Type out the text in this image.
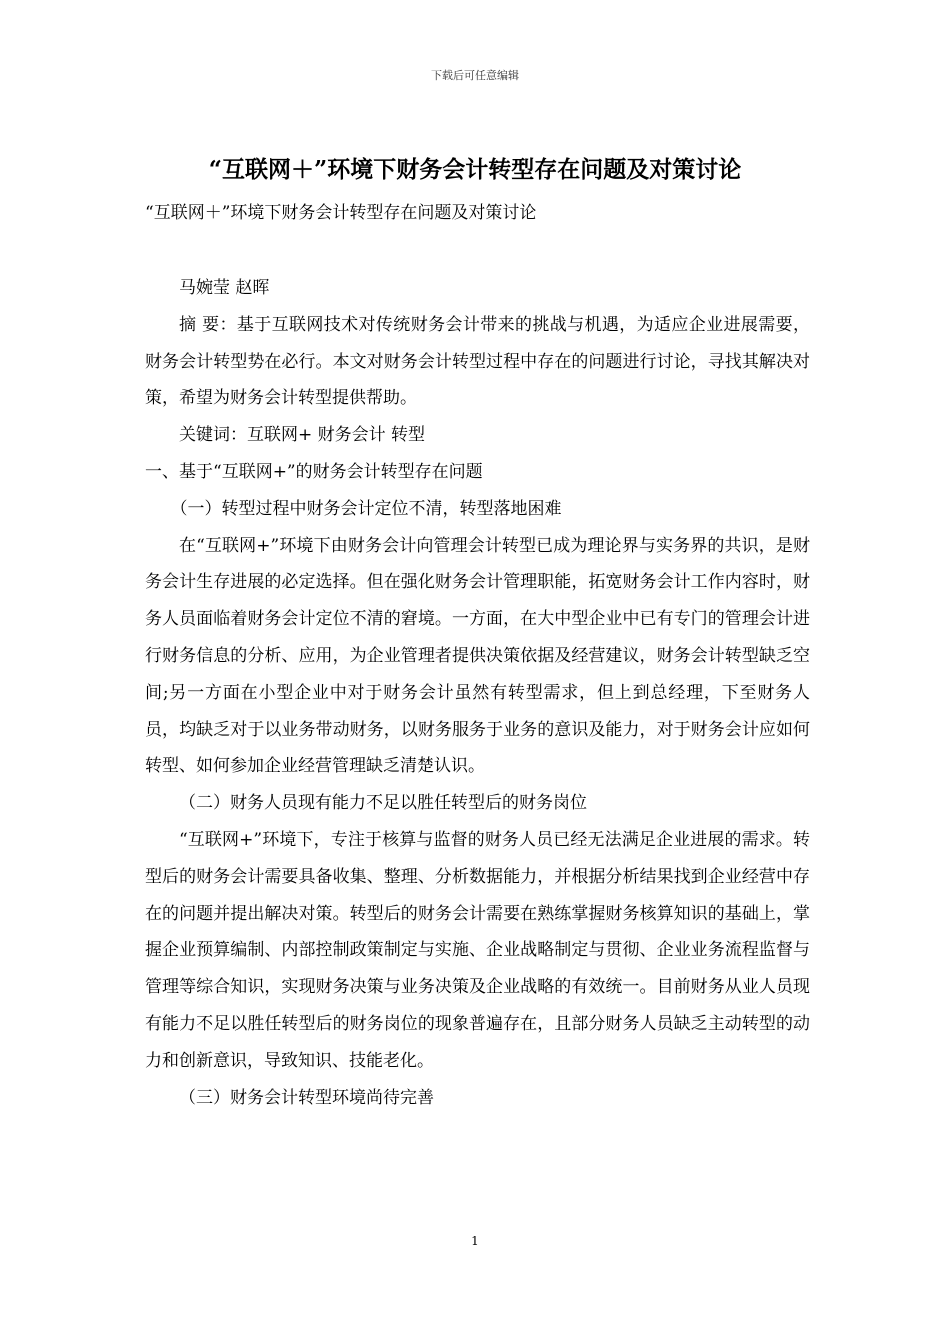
下载后可任意编辑
“互联网＋”环境下财务会计转型存在问题及对策讨论

“互联网＋”环境下财务会计转型存在问题及对策讨论

马婉莹 赵晖

摘 要：基于互联网技术对传统财务会计带来的挑战与机遇，为适应企业进展需要，财务会计转型势在必行。本文对财务会计转型过程中存在的问题进行讨论，寻找其解决对策，希望为财务会计转型提供帮助。

关键词：互联网+ 财务会计 转型

一、基于“互联网+”的财务会计转型存在问题

（一）转型过程中财务会计定位不清，转型落地困难

在“互联网+”环境下由财务会计向管理会计转型已成为理论界与实务界的共识，是财务会计生存进展的必定选择。但在强化财务会计管理职能，拓宽财务会计工作内容时，财务人员面临着财务会计定位不清的窘境。一方面，在大中型企业中已有专门的管理会计进行财务信息的分析、应用，为企业管理者提供决策依据及经营建议，财务会计转型缺乏空间;另一方面在小型企业中对于财务会计虽然有转型需求，但上到总经理，下至财务人员，均缺乏对于以业务带动财务，以财务服务于业务的意识及能力，对于财务会计应如何转型、如何参加企业经营管理缺乏清楚认识。

（二）财务人员现有能力不足以胜任转型后的财务岗位

“互联网+”环境下，专注于核算与监督的财务人员已经无法满足企业进展的需求。转型后的财务会计需要具备收集、整理、分析数据能力，并根据分析结果找到企业经营中存在的问题并提出解决对策。转型后的财务会计需要在熟练掌握财务核算知识的基础上，掌握企业预算编制、内部控制政策制定与实施、企业战略制定与贯彻、企业业务流程监督与管理等综合知识，实现财务决策与业务决策及企业战略的有效统一。目前财务从业人员现有能力不足以胜任转型后的财务岗位的现象普遍存在，且部分财务人员缺乏主动转型的动力和创新意识，导致知识、技能老化。

（三）财务会计转型环境尚待完善

1
